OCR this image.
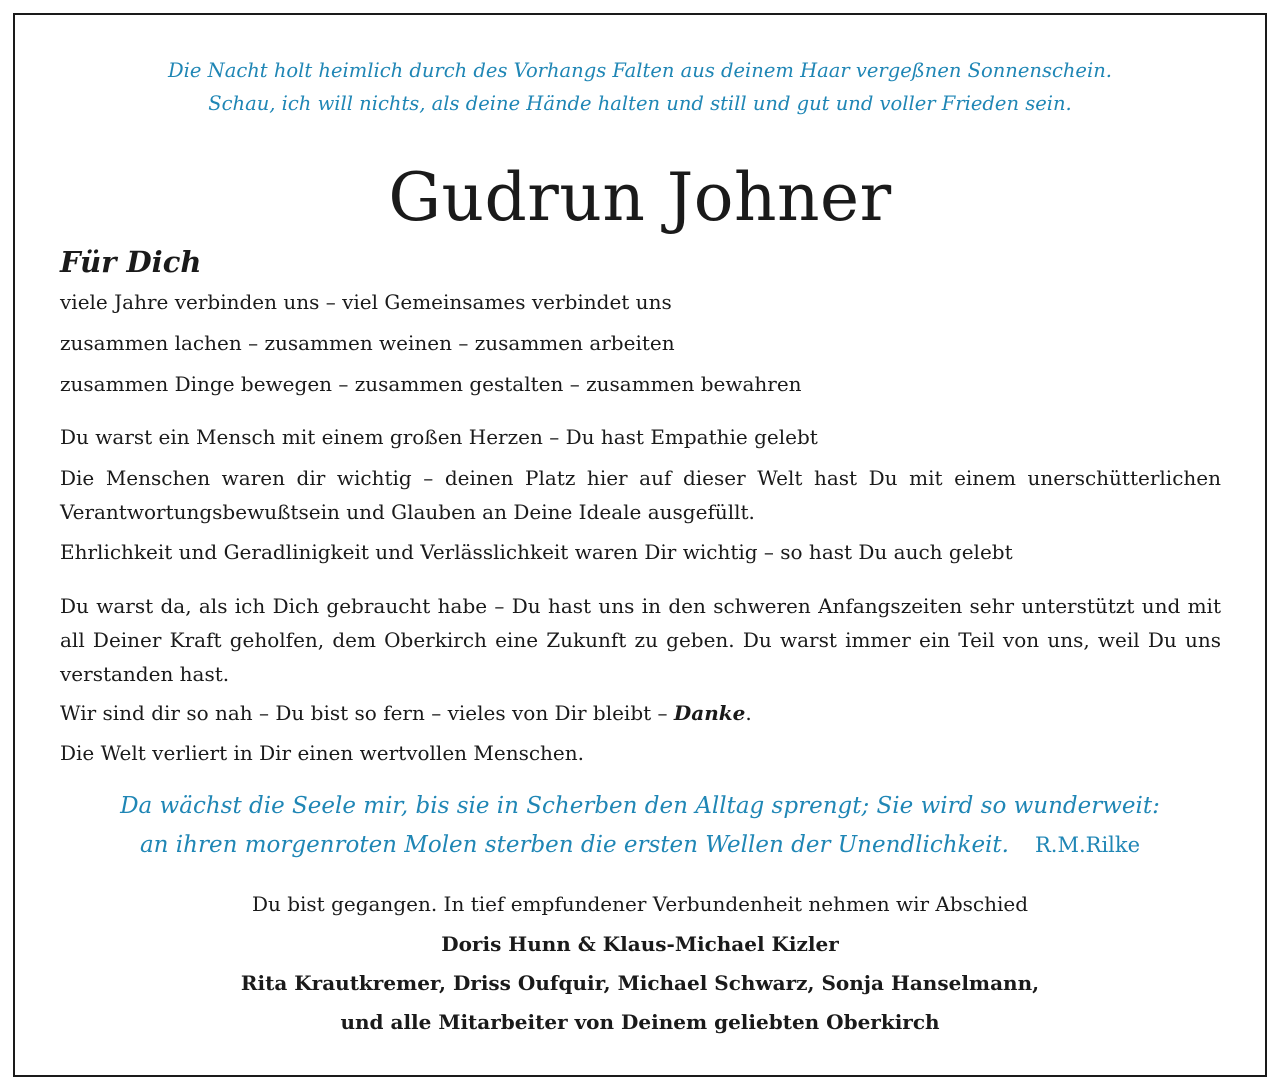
Die Nacht holt heimlich durch des Vorhangs Falten aus deinem Haar vergeßnen Sonnenschein.
Schau, ich will nichts, als deine Hände halten und still und gut und voller Frieden sein.
Gudrun Johner
Für Dich
viele Jahre verbinden uns – viel Gemeinsames verbindet uns
zusammen lachen – zusammen weinen – zusammen arbeiten
zusammen Dinge bewegen – zusammen gestalten – zusammen bewahren
Du warst ein Mensch mit einem großen Herzen – Du hast Empathie gelebt
Die Menschen waren dir wichtig – deinen Platz hier auf dieser Welt hast Du mit einem unerschütterlichen Verantwortungsbewußtsein und Glauben an Deine Ideale ausgefüllt.
Ehrlichkeit und Geradlinigkeit und Verlässlichkeit waren Dir wichtig – so hast Du auch gelebt
Du warst da, als ich Dich gebraucht habe – Du hast uns in den schweren Anfangszeiten sehr unterstützt und mit all Deiner Kraft geholfen, dem Oberkirch eine Zukunft zu geben. Du warst immer ein Teil von uns, weil Du uns verstanden hast.
Wir sind dir so nah – Du bist so fern – vieles von Dir bleibt – Danke.
Die Welt verliert in Dir einen wertvollen Menschen.
Da wächst die Seele mir, bis sie in Scherben den Alltag sprengt; Sie wird so wunderweit:
an ihren morgenroten Molen sterben die ersten Wellen der Unendlichkeit. R.M.Rilke
Du bist gegangen. In tief empfundener Verbundenheit nehmen wir Abschied
Doris Hunn & Klaus-Michael Kizler
Rita Krautkremer, Driss Oufquir, Michael Schwarz, Sonja Hanselmann,
und alle Mitarbeiter von Deinem geliebten Oberkirch
